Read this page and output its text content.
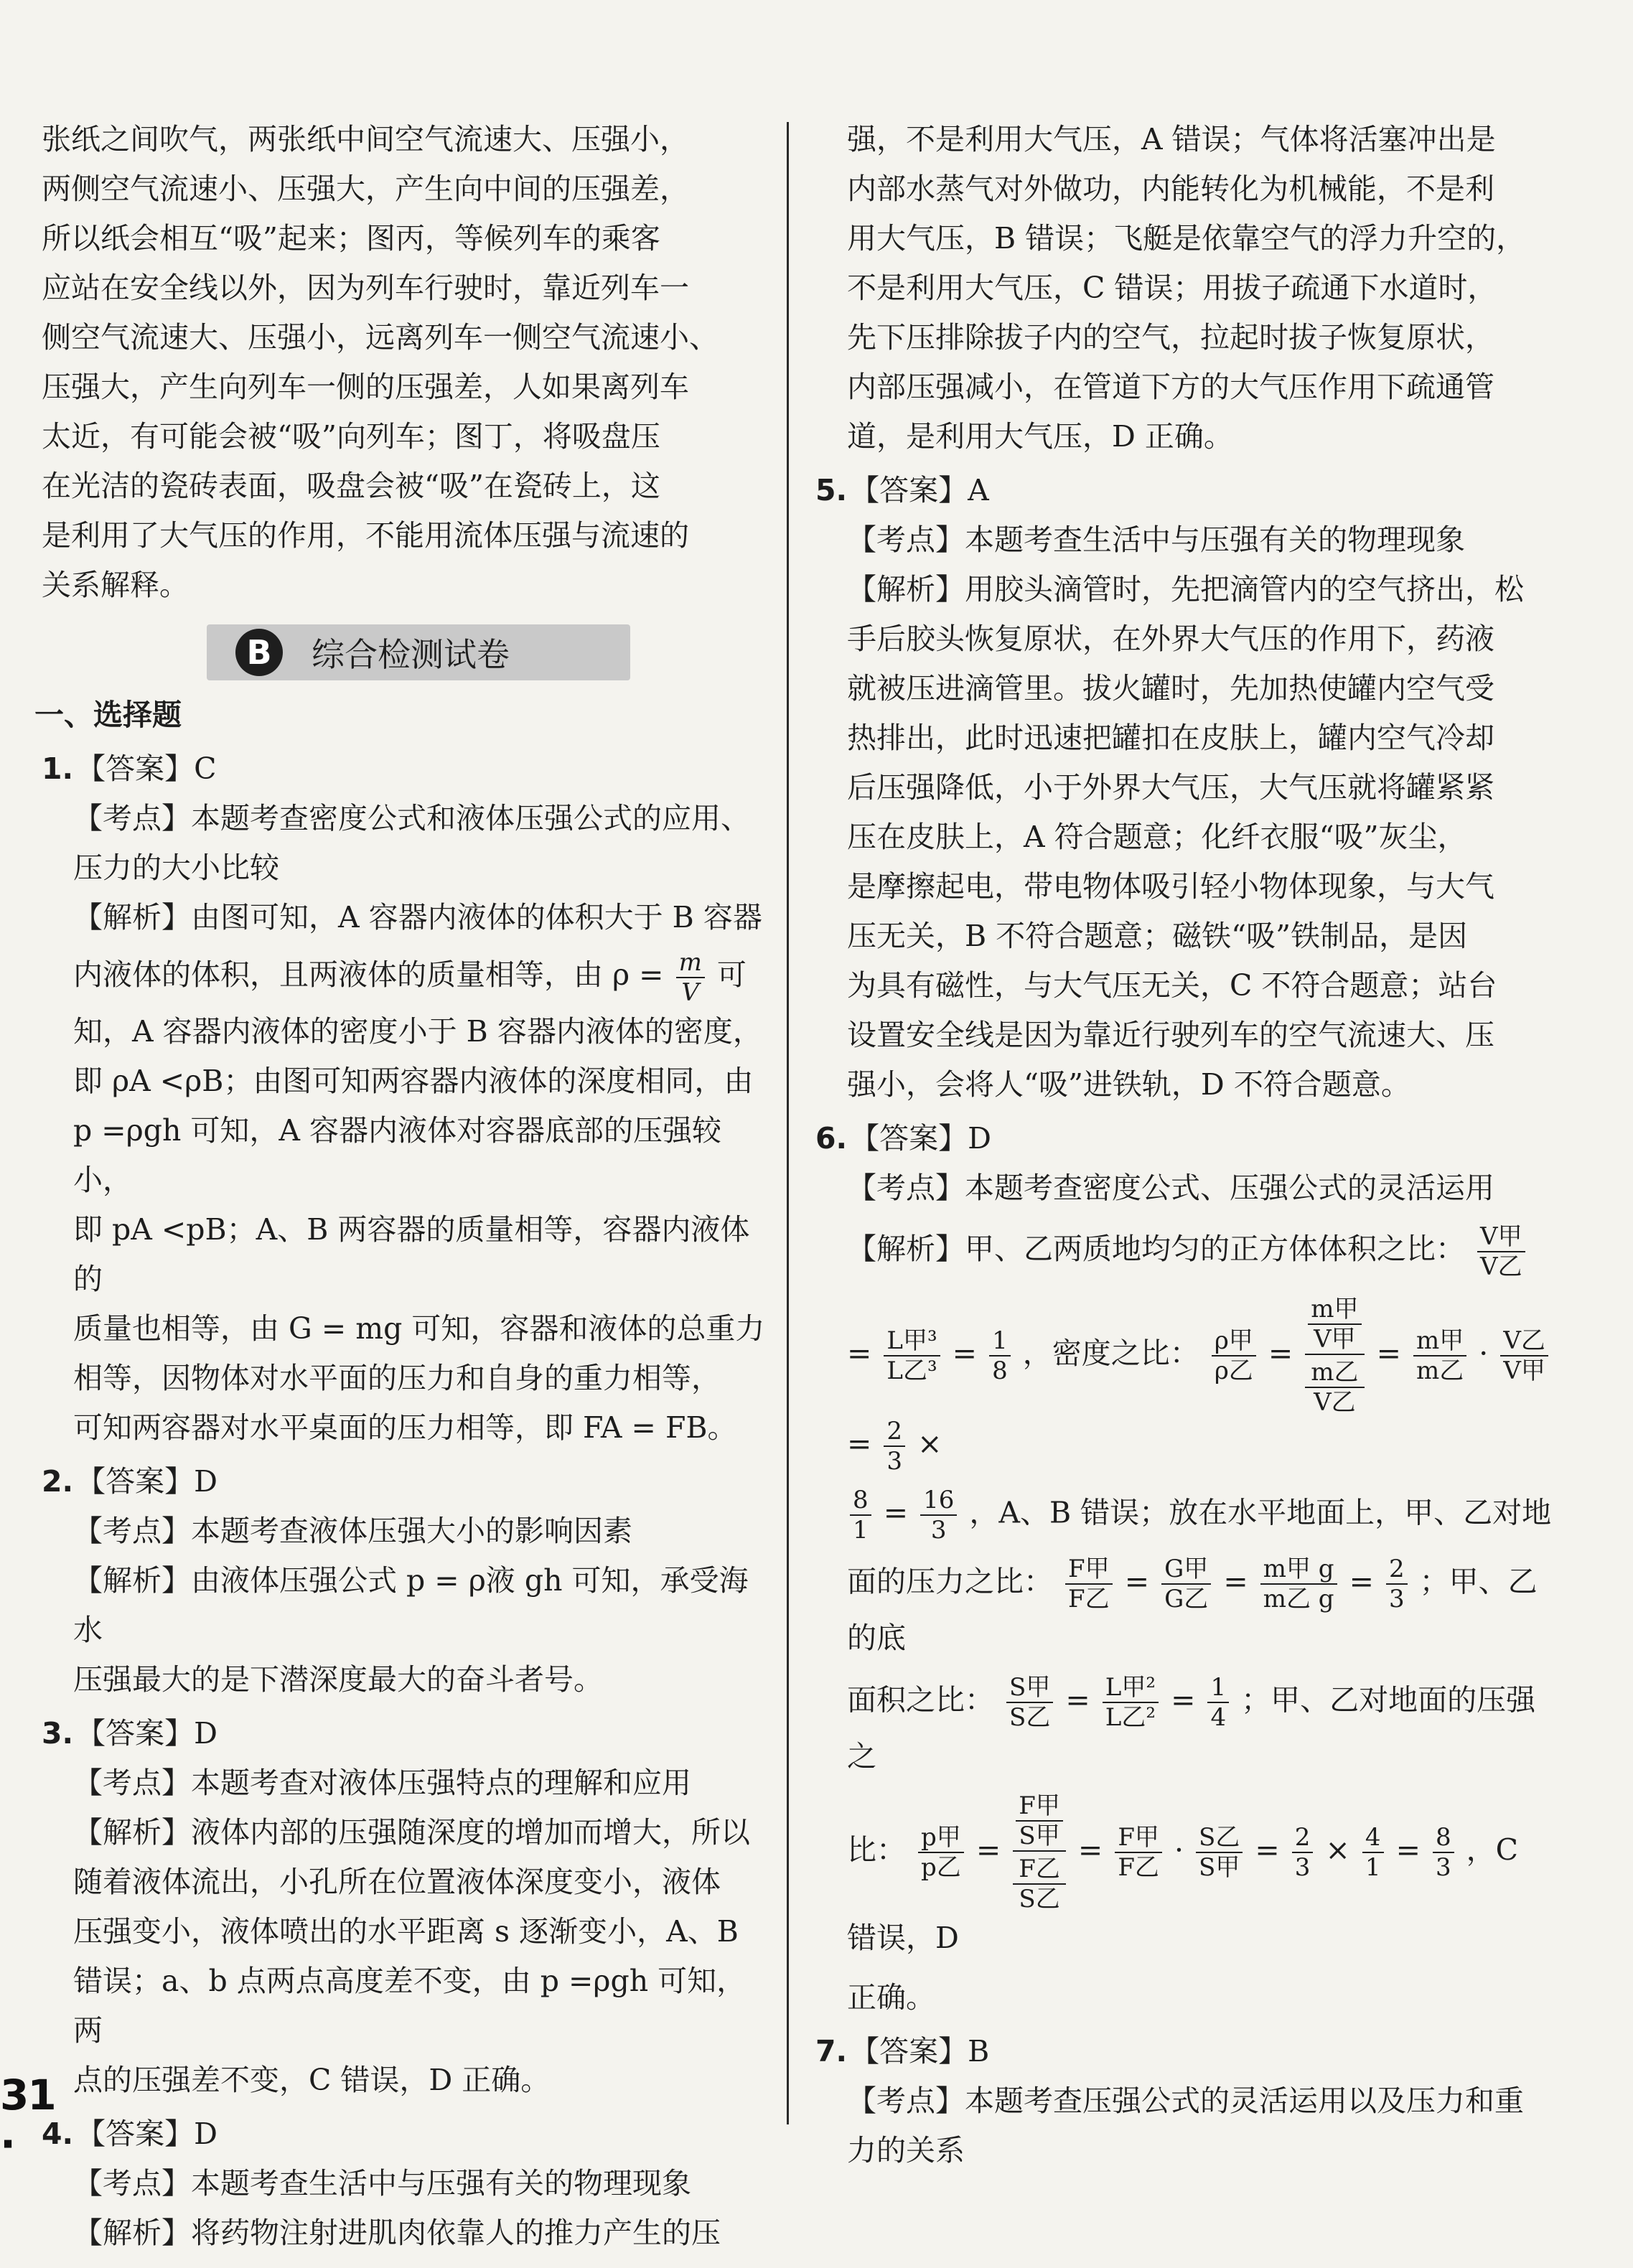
张纸之间吹气，两张纸中间空气流速大、压强小，

两侧空气流速小、压强大，产生向中间的压强差，

所以纸会相互“吸”起来；图丙，等候列车的乘客

应站在安全线以外，因为列车行驶时，靠近列车一

侧空气流速大、压强小，远离列车一侧空气流速小、

压强大，产生向列车一侧的压强差，人如果离列车

太近，有可能会被“吸”向列车；图丁，将吸盘压

在光洁的瓷砖表面，吸盘会被“吸”在瓷砖上，这

是利用了大气压的作用，不能用流体压强与流速的

关系解释。

B	综合检测试卷
一、选择题

1.【答案】C

【考点】本题考查密度公式和液体压强公式的应用、

压力的大小比较

【解析】由图可知，A 容器内液体的体积大于 B 容器

内液体的体积，且两液体的质量相等，由 $\rho = \frac{m}{V}$ 可

知，A 容器内液体的密度小于 B 容器内液体的密度，

即 ρA <ρB；由图可知两容器内液体的深度相同，由

p =ρgh 可知，A 容器内液体对容器底部的压强较小，

即 pA <pB；A、B 两容器的质量相等，容器内液体的

质量也相等，由 G = mg 可知，容器和液体的总重力

相等，因物体对水平面的压力和自身的重力相等，

可知两容器对水平桌面的压力相等，即 FA = FB。

2.【答案】D

【考点】本题考查液体压强大小的影响因素

【解析】由液体压强公式 p = ρ液 gh 可知，承受海水

压强最大的是下潜深度最大的奋斗者号。

3.【答案】D

【考点】本题考查对液体压强特点的理解和应用

【解析】液体内部的压强随深度的增加而增大，所以

随着液体流出，小孔所在位置液体深度变小，液体

压强变小，液体喷出的水平距离 s 逐渐变小，A、B

错误；a、b 点两点高度差不变，由 p =ρgh 可知，两

点的压强差不变，C 错误，D 正确。

4.【答案】D

【考点】本题考查生活中与压强有关的物理现象

【解析】将药物注射进肌肉依靠人的推力产生的压

强，不是利用大气压，A 错误；气体将活塞冲出是

内部水蒸气对外做功，内能转化为机械能，不是利

用大气压，B 错误；飞艇是依靠空气的浮力升空的，

不是利用大气压，C 错误；用拔子疏通下水道时，

先下压排除拔子内的空气，拉起时拔子恢复原状，

内部压强减小，在管道下方的大气压作用下疏通管

道，是利用大气压，D 正确。

5.【答案】A

【考点】本题考查生活中与压强有关的物理现象

【解析】用胶头滴管时，先把滴管内的空气挤出，松

手后胶头恢复原状，在外界大气压的作用下，药液

就被压进滴管里。拔火罐时，先加热使罐内空气受

热排出，此时迅速把罐扣在皮肤上，罐内空气冷却

后压强降低，小于外界大气压，大气压就将罐紧紧

压在皮肤上，A 符合题意；化纤衣服“吸”灰尘，

是摩擦起电，带电物体吸引轻小物体现象，与大气

压无关，B 不符合题意；磁铁“吸”铁制品，是因

为具有磁性，与大气压无关，C 不符合题意；站台

设置安全线是因为靠近行驶列车的空气流速大、压

强小，会将人“吸”进铁轨，D 不符合题意。

6.【答案】D

【考点】本题考查密度公式、压强公式的灵活运用

【解析】甲、乙两质地均匀的正方体体积之比： $\frac{\text{V甲}}{\text{V乙}}$

= $\frac{\text{L甲³}}{\text{L乙³}} = \frac{1}{8}$ ，密度之比： $\frac{\text{ρ甲}}{\text{ρ乙}} = \frac{\frac{\text{m甲}}{\text{V甲}}}{\frac{\text{m乙}}{\text{V乙}}} = \frac{\text{m甲}}{\text{m乙}} \cdot \frac{\text{V乙}}{\text{V甲}}$
= $\frac{2}{3}$ ×
$\frac{8}{1} = \frac{16}{3}$ ，A、B 错误；放在水平地面上，甲、乙对地
面的压力之比： $\frac{\text{F甲}}{\text{F乙}} = \frac{\text{G甲}}{\text{G乙}} = \frac{\text{m甲 g}}{\text{m乙 g}} = \frac{2}{3}$ ；甲、乙的底
面积之比： $\frac{\text{S甲}}{\text{S乙}} = \frac{\text{L甲²}}{\text{L乙²}} = \frac{1}{4}$ ；甲、乙对地面的压强之
比： $\frac{\text{p甲}}{\text{p乙}} = \frac{\frac{\text{F甲}}{\text{S甲}}}{\frac{\text{F乙}}{\text{S乙}}} = \frac{\text{F甲}}{\text{F乙}} \cdot \frac{\text{S乙}}{\text{S甲}} = \frac{2}{3} \times \frac{4}{1} = \frac{8}{3}$ ，C 错误，D

正确。

7.【答案】B

【考点】本题考查压强公式的灵活运用以及压力和重

力的关系

31 ·
